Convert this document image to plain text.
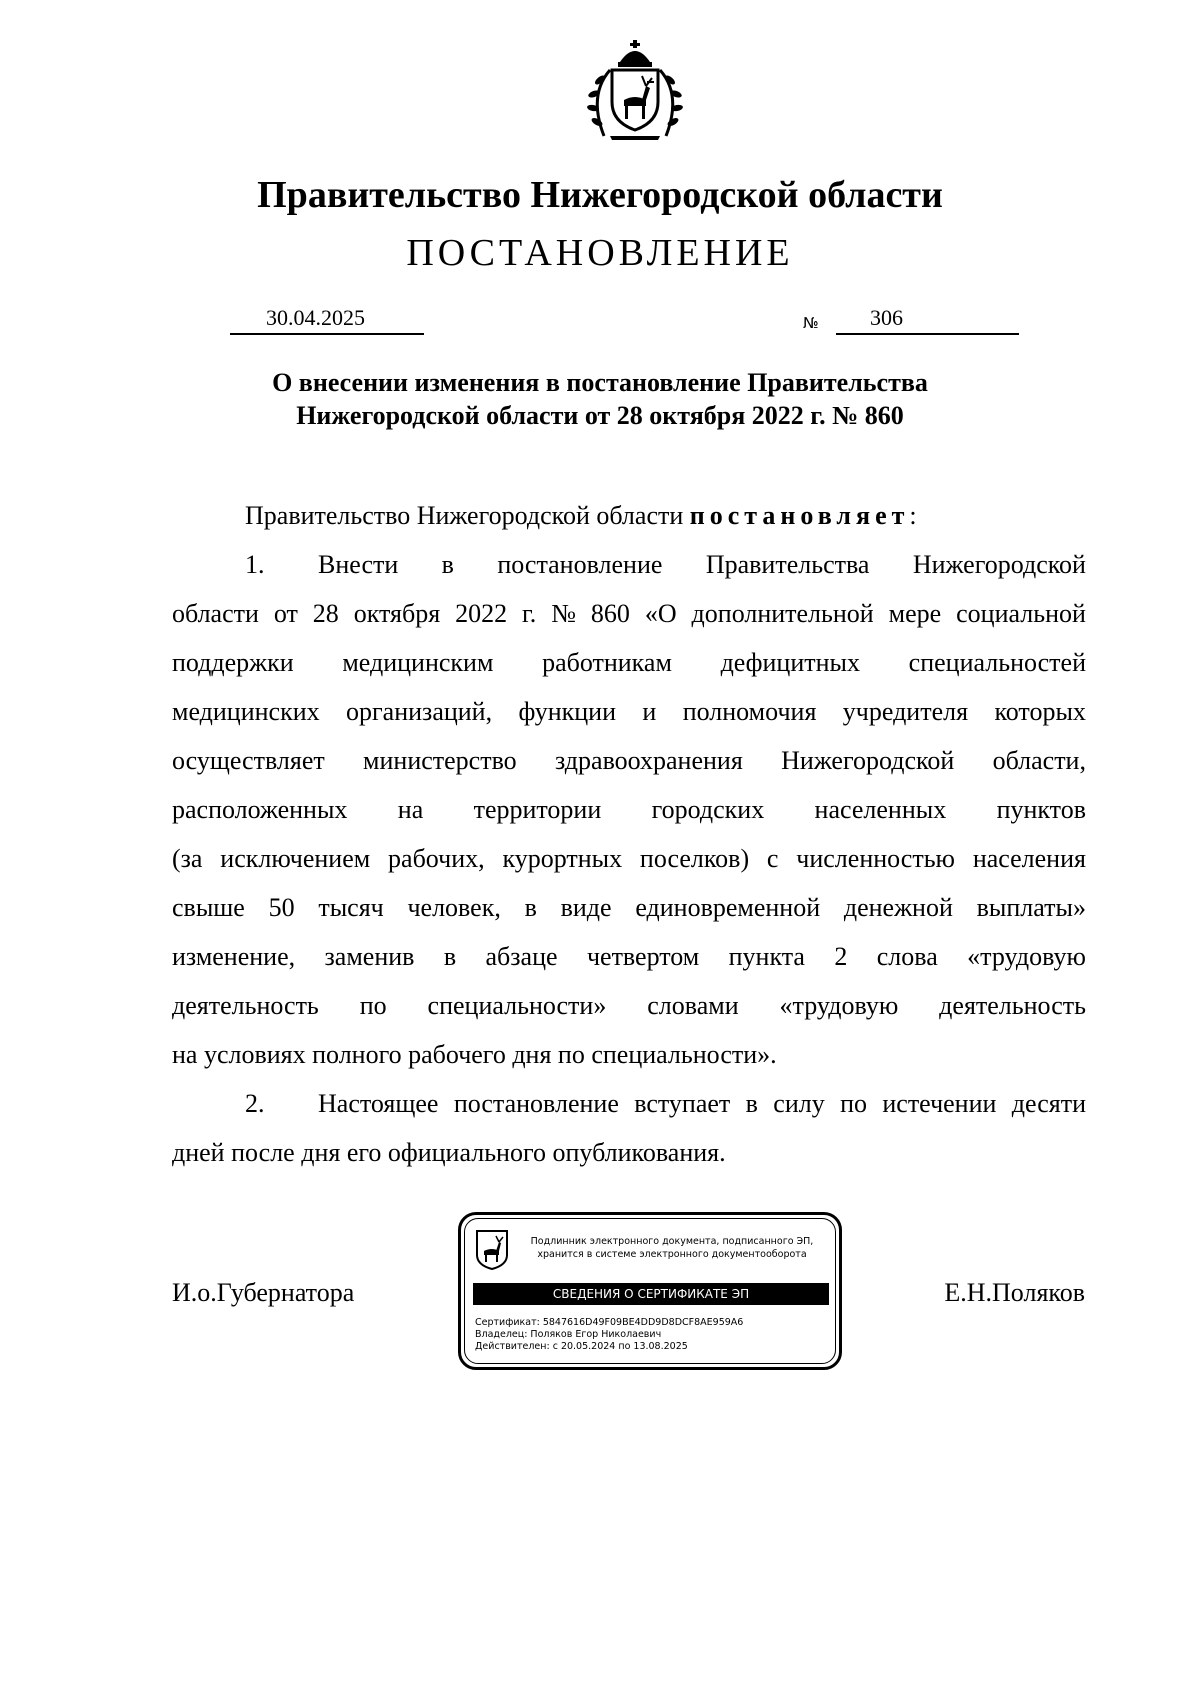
Правительство Нижегородской области
ПОСТАНОВЛЕНИЕ
30.04.2025	№ 306
О внесении изменения в постановление Правительства
Нижегородской области от 28 октября 2022 г. № 860
Правительство Нижегородской области постановляет:
1. Внести в постановление Правительства Нижегородской
области от 28 октября 2022 г. № 860 «О дополнительной мере социальной
поддержки медицинским работникам дефицитных специальностей
медицинских организаций, функции и полномочия учредителя которых
осуществляет министерство здравоохранения Нижегородской области,
расположенных на территории городских населенных пунктов
(за исключением рабочих, курортных поселков) с численностью населения
свыше 50 тысяч человек, в виде единовременной денежной выплаты»
изменение, заменив в абзаце четвертом пункта 2 слова «трудовую
деятельность по специальности» словами «трудовую деятельность
на условиях полного рабочего дня по специальности».
2. Настоящее постановление вступает в силу по истечении десяти
дней после дня его официального опубликования.
И.о.Губернатора	Е.Н.Поляков
Подлинник электронного документа, подписанного ЭП,
хранится в системе электронного документооборота
СВЕДЕНИЯ О СЕРТИФИКАТЕ ЭП
Сертификат: 5847616D49F09BE4DD9D8DCF8AE959A6
Владелец: Поляков Егор Николаевич
Действителен: с 20.05.2024 по 13.08.2025
